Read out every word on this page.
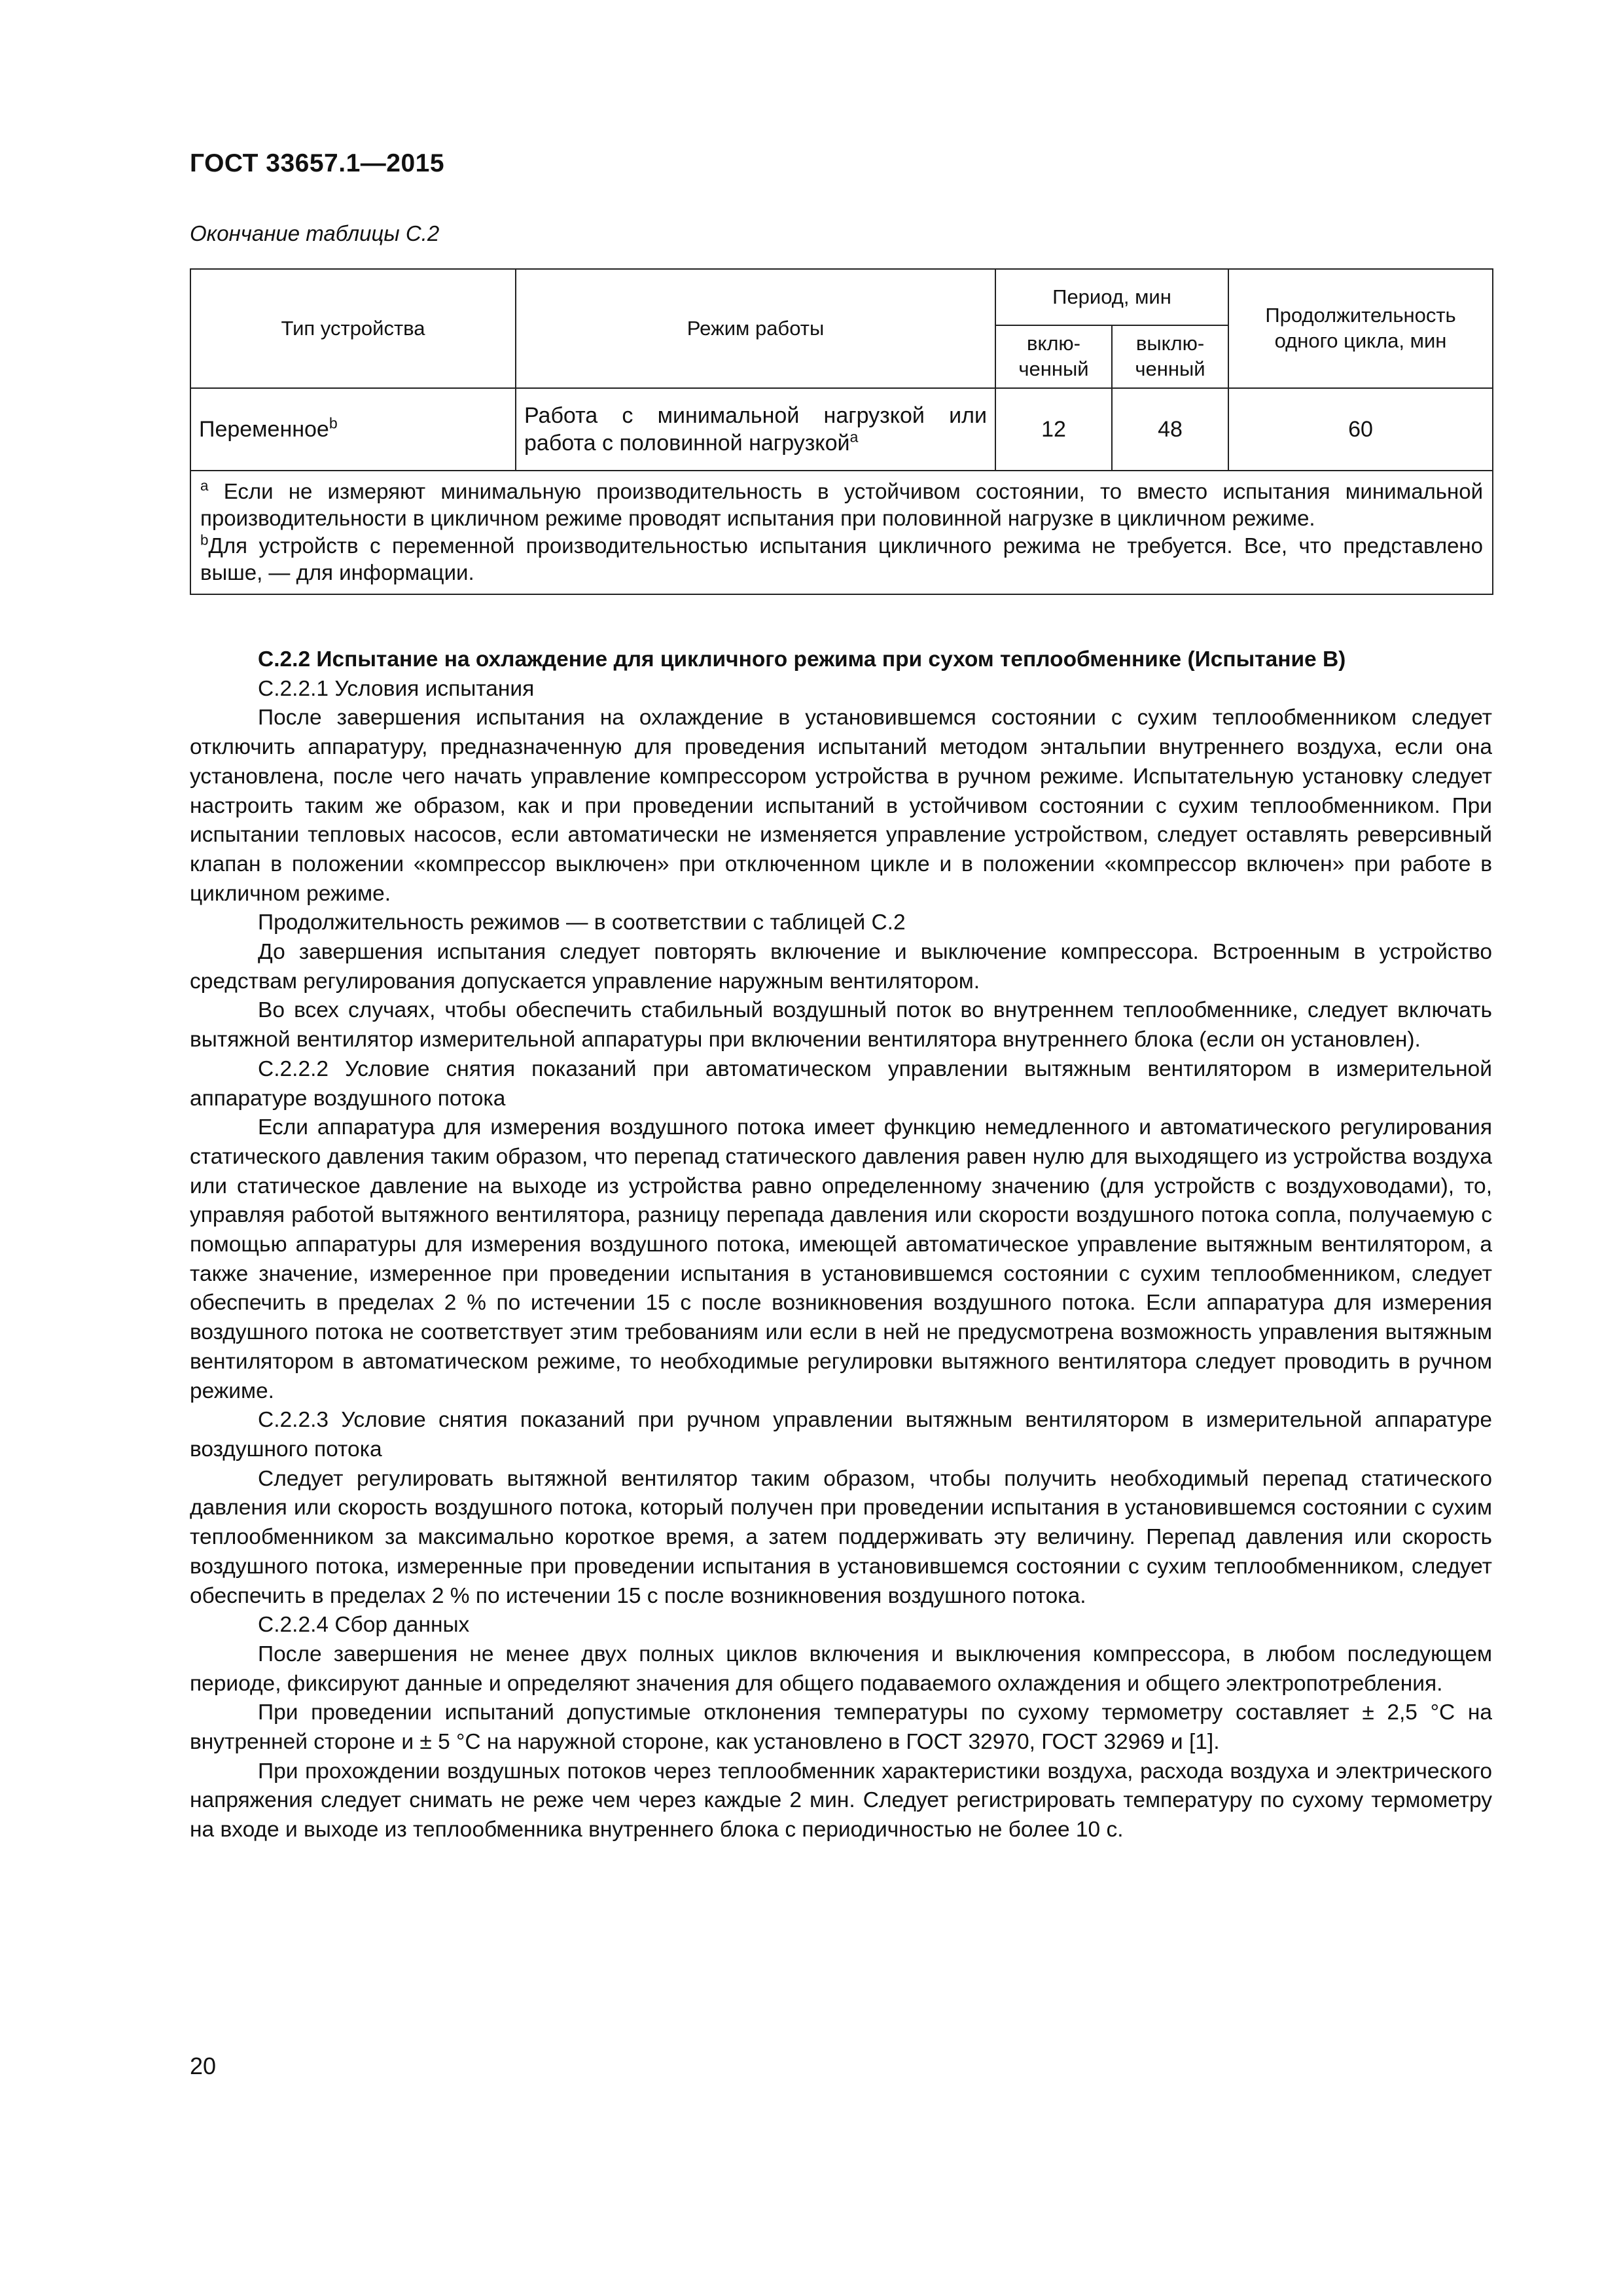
ГОСТ 33657.1—2015
Окончание таблицы С.2
Тип устройства	Режим работы	Период, мин		Продолжительность одного цикла, мин
		вклю-ченный	выклю-ченный	
Переменное$^b$	Работа с минимальной нагрузкой или работа с половинной нагрузкой$^a$	12	48	60

$^a$ Если не измеряют минимальную производительность в устойчивом состоянии, то вместо испытания минимальной производительности в цикличном режиме проводят испытания при половинной нагрузке в цикличном режиме.
$^b$Для устройств с переменной производительностью испытания цикличного режима не требуется. Все, что представлено выше, — для информации.				

С.2.2 Испытание на охлаждение для цикличного режима при сухом теплообменнике (Испытание В)

С.2.2.1 Условия испытания

После завершения испытания на охлаждение в установившемся состоянии с сухим теплообменником следует отключить аппаратуру, предназначенную для проведения испытаний методом энтальпии внутреннего воздуха, если она установлена, после чего начать управление компрессором устройства в ручном режиме. Испытательную установку следует настроить таким же образом, как и при проведении испытаний в устойчивом состоянии с сухим теплообменником. При испытании тепловых насосов, если автоматически не изменяется управление устройством, следует оставлять реверсивный клапан в положении «компрессор выключен» при отключенном цикле и в положении «компрессор включен» при работе в цикличном режиме.

Продолжительность режимов — в соответствии с таблицей С.2

До завершения испытания следует повторять включение и выключение компрессора. Встроенным в устройство средствам регулирования допускается управление наружным вентилятором.

Во всех случаях, чтобы обеспечить стабильный воздушный поток во внутреннем теплообменнике, следует включать вытяжной вентилятор измерительной аппаратуры при включении вентилятора внутреннего блока (если он установлен).

С.2.2.2 Условие снятия показаний при автоматическом управлении вытяжным вентилятором в измерительной аппаратуре воздушного потока

Если аппаратура для измерения воздушного потока имеет функцию немедленного и автоматического регулирования статического давления таким образом, что перепад статического давления равен нулю для выходящего из устройства воздуха или статическое давление на выходе из устройства равно определенному значению (для устройств с воздуховодами), то, управляя работой вытяжного вентилятора, разницу перепада давления или скорости воздушного потока сопла, получаемую с помощью аппаратуры для измерения воздушного потока, имеющей автоматическое управление вытяжным вентилятором, а также значение, измеренное при проведении испытания в установившемся состоянии с сухим теплообменником, следует обеспечить в пределах 2 % по истечении 15 с после возникновения воздушного потока. Если аппаратура для измерения воздушного потока не соответствует этим требованиям или если в ней не предусмотрена возможность управления вытяжным вентилятором в автоматическом режиме, то необходимые регулировки вытяжного вентилятора следует проводить в ручном режиме.

С.2.2.3 Условие снятия показаний при ручном управлении вытяжным вентилятором в измерительной аппаратуре воздушного потока

Следует регулировать вытяжной вентилятор таким образом, чтобы получить необходимый перепад статического давления или скорость воздушного потока, который получен при проведении испытания в установившемся состоянии с сухим теплообменником за максимально короткое время, а затем поддерживать эту величину. Перепад давления или скорость воздушного потока, измеренные при проведении испытания в установившемся состоянии с сухим теплообменником, следует обеспечить в пределах 2 % по истечении 15 с после возникновения воздушного потока.

С.2.2.4 Сбор данных

После завершения не менее двух полных циклов включения и выключения компрессора, в любом последующем периоде, фиксируют данные и определяют значения для общего подаваемого охлаждения и общего электропотребления.

При проведении испытаний допустимые отклонения температуры по сухому термометру составляет ± 2,5 °С на внутренней стороне и ± 5 °С на наружной стороне, как установлено в ГОСТ 32970, ГОСТ 32969 и [1].

При прохождении воздушных потоков через теплообменник характеристики воздуха, расхода воздуха и электрического напряжения следует снимать не реже чем через каждые 2 мин. Следует регистрировать температуру по сухому термометру на входе и выходе из теплообменника внутреннего блока с периодичностью не более 10 с.

20
